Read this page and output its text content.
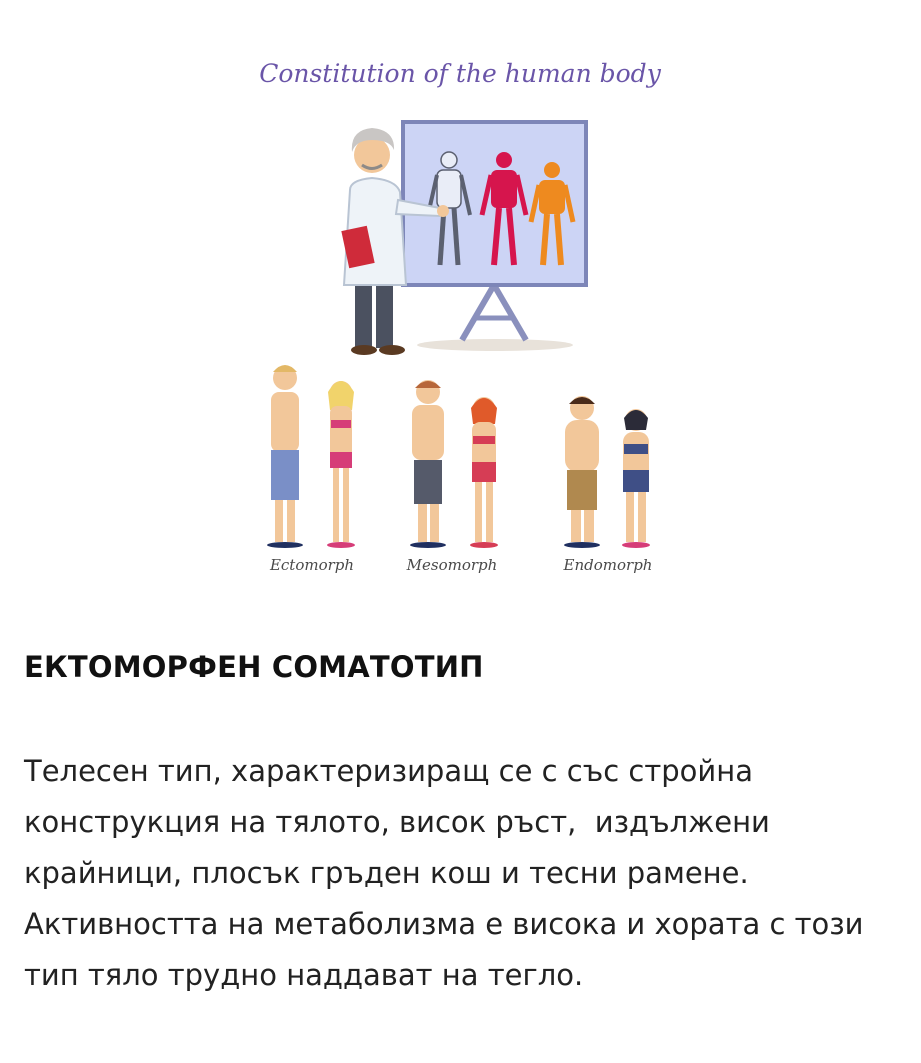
Constitution of the human body
Ectomorph	Mesomorph	Endomorph
ЕКТОМОРФЕН СОМАТОТИП

Телесен тип, характеризиращ се с със стройна конструкция на тялото, висок ръст,  издължени крайници, плосък гръден кош и тесни рамене. Активността на метаболизма е висока и хората с този тип тяло трудно наддават на тегло.
